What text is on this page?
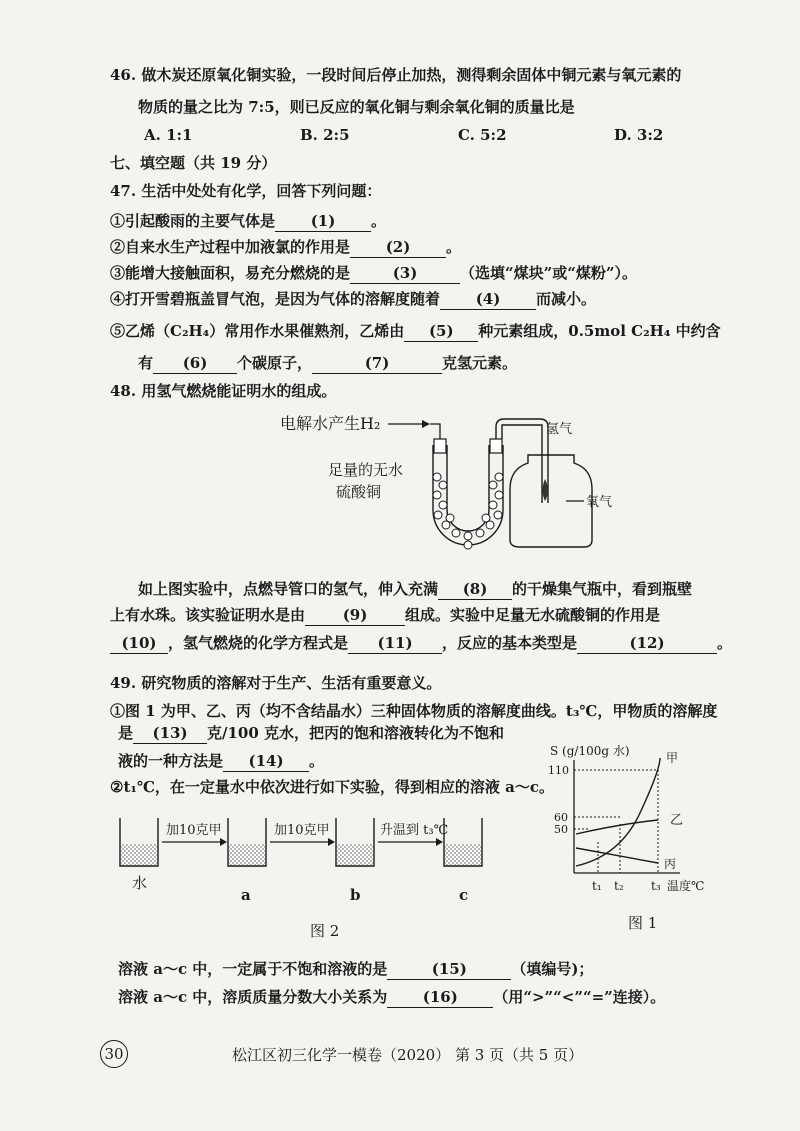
46. 做木炭还原氧化铜实验，一段时间后停止加热，测得剩余固体中铜元素与氧元素的
物质的量之比为 7:5，则已反应的氧化铜与剩余氧化铜的质量比是
A. 1:1	B. 2:5	C. 5:2	D. 3:2
七、填空题（共 19 分）
47. 生活中处处有化学，回答下列问题：
①引起酸雨的主要气体是 (1) 。
②自来水生产过程中加液氯的作用是 (2) 。
③能增大接触面积，易充分燃烧的是	(3)	（选填“煤块”或“煤粉”）。
④打开雪碧瓶盖冒气泡，是因为气体的溶解度随着 (4) 而减小。
⑤乙烯（C₂H₄）常用作水果催熟剂，乙烯由 (5) 种元素组成，0.5mol C₂H₄ 中约含
有 (6) 个碳原子，	(7)	克氢元素。
48. 用氢气燃烧能证明水的组成。
电解水产生H₂
足量的无水
硫酸铜
氢气
氧气
如上图实验中，点燃导管口的氢气，伸入充满 (8) 的干燥集气瓶中，看到瓶壁
上有水珠。该实验证明水是由	(9)	组成。实验中足量无水硫酸铜的作用是
(10) ，氢气燃烧的化学方程式是 (11) ，反应的基本类型是	(12)	。
49. 研究物质的溶解对于生产、生活有重要意义。
①图 1 为甲、乙、丙（均不含结晶水）三种固体物质的溶解度曲线。t₃℃，甲物质的溶解度
是 (13) 克/100 克水，把丙的饱和溶液转化为不饱和
液的一种方法是 (14) 。
②t₁℃，在一定量水中依次进行如下实验，得到相应的溶液 a～c。
加10克甲	加10克甲	升温到 t₃℃
水
a	b	c
图 2
S (g/100g 水)
110
60
50
甲
乙
丙
t₁ t₂ t₃ 温度℃
图 1
溶液 a～c 中，一定属于不饱和溶液的是	(15)	（填编号)；
溶液 a～c 中，溶质质量分数大小关系为 (16) （用“>”“<”“=”连接）。
30	松江区初三化学一模卷（2020） 第 3 页（共 5 页）
